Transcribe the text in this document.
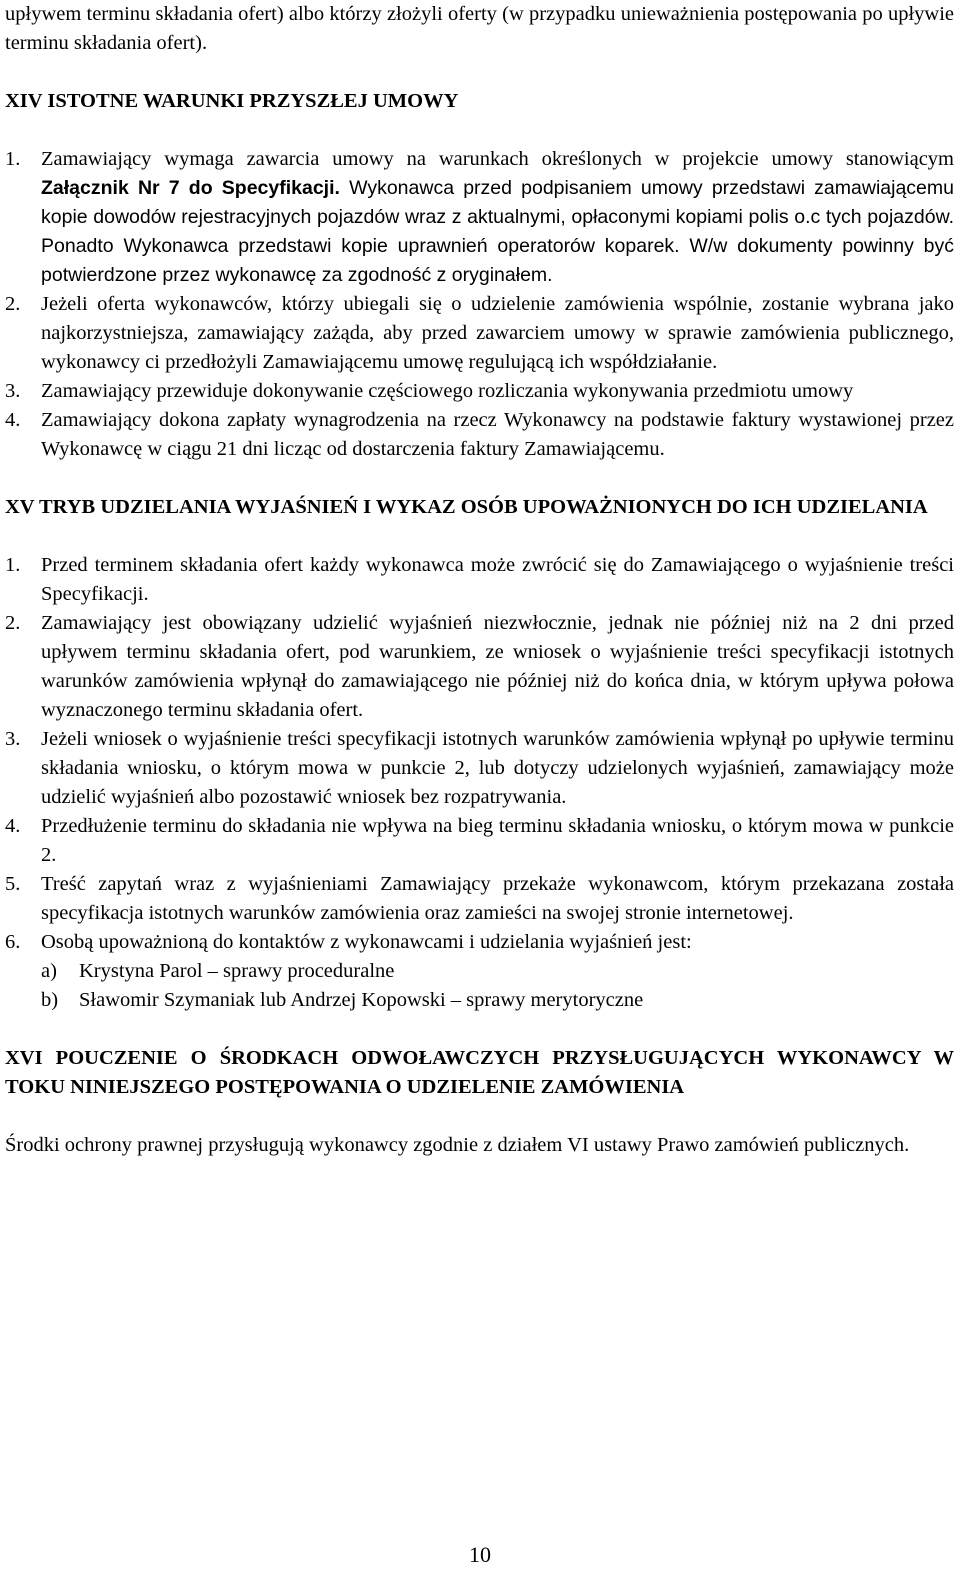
upływem terminu składania ofert) albo którzy złożyli oferty (w przypadku unieważnienia postępowania po upływie terminu składania ofert).

XIV ISTOTNE WARUNKI PRZYSZŁEJ UMOWY

1.	Zamawiający wymaga zawarcia umowy na warunkach określonych w projekcie umowy stanowiącym Załącznik Nr 7 do Specyfikacji. Wykonawca przed podpisaniem umowy przedstawi zamawiającemu kopie dowodów rejestracyjnych pojazdów wraz z aktualnymi, opłaconymi kopiami polis o.c tych pojazdów. Ponadto Wykonawca przedstawi kopie uprawnień operatorów koparek. W/w dokumenty powinny być potwierdzone przez wykonawcę za zgodność z oryginałem.
2.	Jeżeli oferta wykonawców, którzy ubiegali się o udzielenie zamówienia wspólnie, zostanie wybrana jako najkorzystniejsza, zamawiający zażąda, aby przed zawarciem umowy w sprawie zamówienia publicznego, wykonawcy ci przedłożyli Zamawiającemu umowę regulującą ich współdziałanie.
3.	Zamawiający przewiduje dokonywanie częściowego rozliczania wykonywania przedmiotu umowy
4.	Zamawiający dokona zapłaty wynagrodzenia na rzecz Wykonawcy na podstawie faktury wystawionej przez Wykonawcę w ciągu 21 dni licząc od dostarczenia faktury Zamawiającemu.

XV TRYB UDZIELANIA WYJAŚNIEŃ I WYKAZ OSÓB UPOWAŻNIONYCH DO ICH UDZIELANIA

1.	Przed terminem składania ofert każdy wykonawca może zwrócić się do Zamawiającego o wyjaśnienie treści Specyfikacji.
2.	Zamawiający jest obowiązany udzielić wyjaśnień niezwłocznie, jednak nie później niż na 2 dni przed upływem terminu składania ofert, pod warunkiem, ze wniosek o wyjaśnienie treści specyfikacji istotnych warunków zamówienia wpłynął do zamawiającego nie później niż do końca dnia, w którym upływa połowa wyznaczonego terminu składania ofert.
3.	Jeżeli wniosek o wyjaśnienie treści specyfikacji istotnych warunków zamówienia wpłynął po upływie terminu składania wniosku, o którym mowa w punkcie 2, lub dotyczy udzielonych wyjaśnień, zamawiający może udzielić wyjaśnień albo pozostawić wniosek bez rozpatrywania.
4.	Przedłużenie terminu do składania nie wpływa na bieg terminu składania wniosku, o którym mowa w punkcie 2.
5.	Treść zapytań wraz z wyjaśnieniami Zamawiający przekaże wykonawcom, którym przekazana została specyfikacja istotnych warunków zamówienia oraz zamieści na swojej stronie internetowej.
6.	Osobą upoważnioną do kontaktów z wykonawcami i udzielania wyjaśnień jest:
a)	Krystyna Parol – sprawy proceduralne
b)	Sławomir Szymaniak lub Andrzej Kopowski – sprawy merytoryczne

XVI POUCZENIE O ŚRODKACH ODWOŁAWCZYCH PRZYSŁUGUJĄCYCH WYKONAWCY W TOKU NINIEJSZEGO POSTĘPOWANIA O UDZIELENIE ZAMÓWIENIA

Środki ochrony prawnej przysługują wykonawcy zgodnie z działem VI ustawy Prawo zamówień publicznych.

10
